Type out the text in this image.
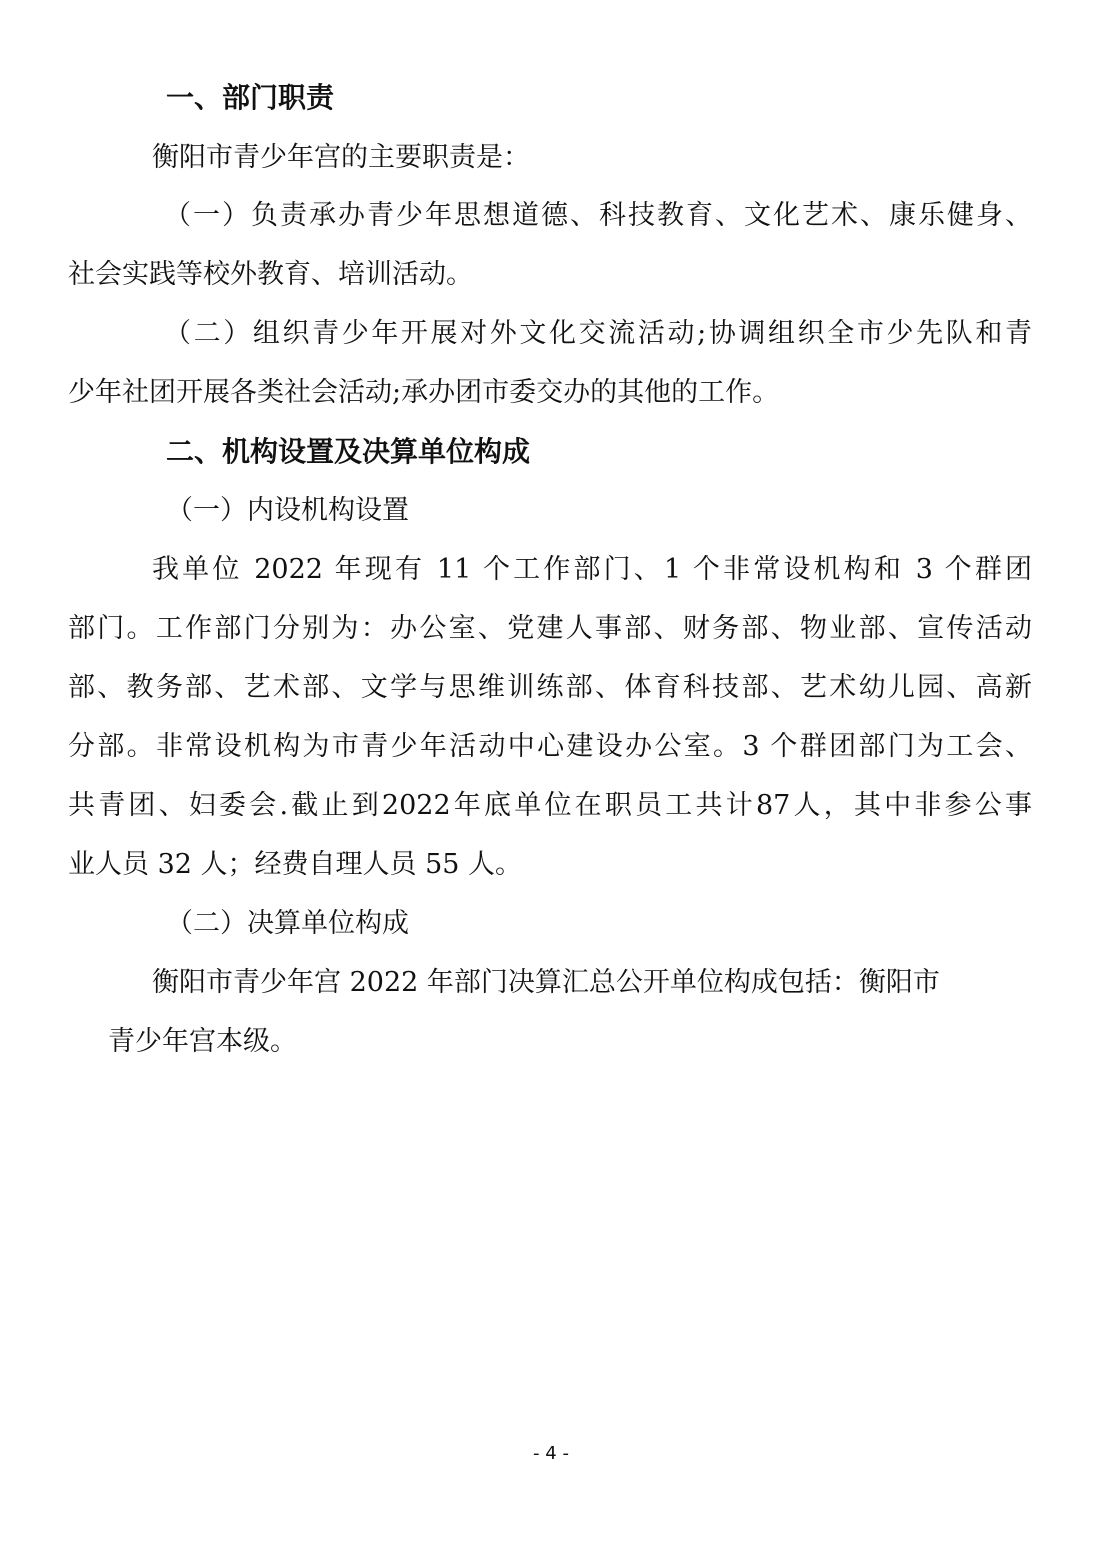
一、部门职责
衡阳市青少年宫的主要职责是：
（一）负责承办青少年思想道德、科技教育、文化艺术、康乐健身、
社会实践等校外教育、培训活动。
（二）组织青少年开展对外文化交流活动;协调组织全市少先队和青
少年社团开展各类社会活动;承办团市委交办的其他的工作。
二、机构设置及决算单位构成
（一）内设机构设置
我单位 2022 年现有 11 个工作部门、1 个非常设机构和 3 个群团
部门。工作部门分别为：办公室、党建人事部、财务部、物业部、宣传活动
部、教务部、艺术部、文学与思维训练部、体育科技部、艺术幼儿园、高新
分部。非常设机构为市青少年活动中心建设办公室。3 个群团部门为工会、
共青团、妇委会.截止到2022年底单位在职员工共计87人，其中非参公事
业人员 32 人；经费自理人员 55 人。
（二）决算单位构成
衡阳市青少年宫 2022 年部门决算汇总公开单位构成包括：衡阳市
青少年宫本级。
- 4 -
